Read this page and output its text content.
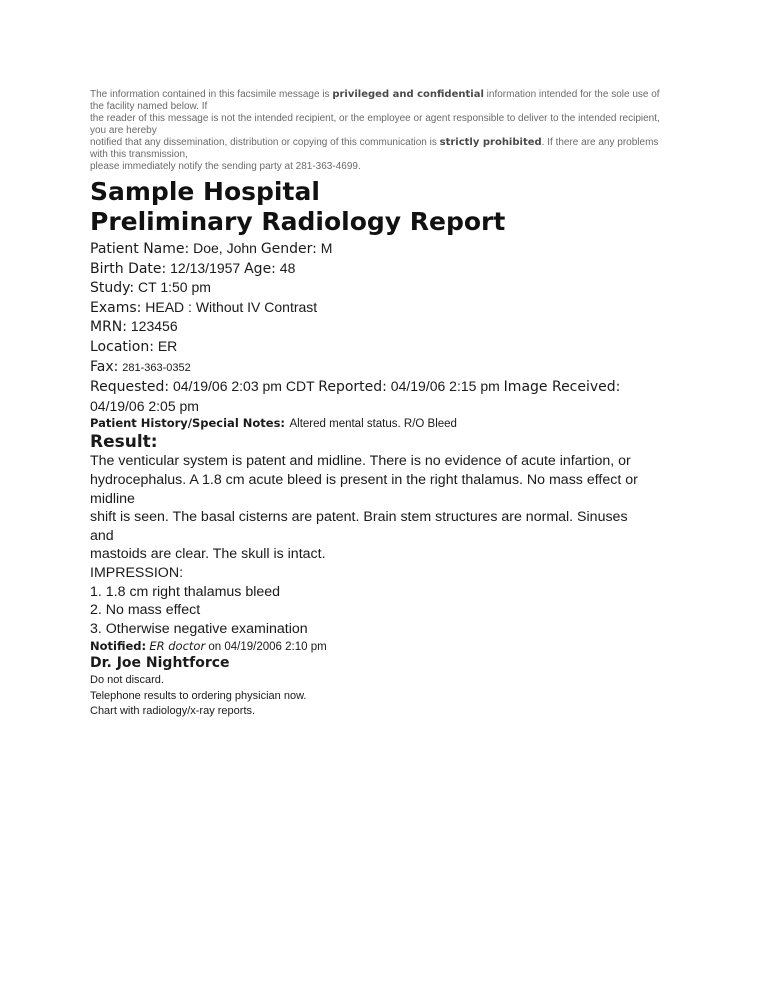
The information contained in this facsimile message is privileged and confidential information intended for the sole use of
the facility named below. If
the reader of this message is not the intended recipient, or the employee or agent responsible to deliver to the intended recipient,
you are hereby
notified that any dissemination, distribution or copying of this communication is strictly prohibited. If there are any problems
with this transmission,
please immediately notify the sending party at 281-363-4699.
Sample Hospital
Preliminary Radiology Report
Patient Name: Doe, John Gender: M
Birth Date: 12/13/1957 Age: 48
Study: CT 1:50 pm
Exams: HEAD : Without IV Contrast
MRN: 123456
Location: ER
Fax: 281-363-0352
Requested: 04/19/06 2:03 pm CDT Reported: 04/19/06 2:15 pm Image Received:
04/19/06 2:05 pm
Patient History/Special Notes: Altered mental status. R/O Bleed
Result:
The venticular system is patent and midline. There is no evidence of acute infartion, or
hydrocephalus. A 1.8 cm acute bleed is present in the right thalamus. No mass effect or
midline
shift is seen. The basal cisterns are patent. Brain stem structures are normal. Sinuses
and
mastoids are clear. The skull is intact.
IMPRESSION:
1. 1.8 cm right thalamus bleed
2. No mass effect
3. Otherwise negative examination
Notified: ER doctor on 04/19/2006 2:10 pm
Dr. Joe Nightforce
Do not discard.
Telephone results to ordering physician now.
Chart with radiology/x-ray reports.
